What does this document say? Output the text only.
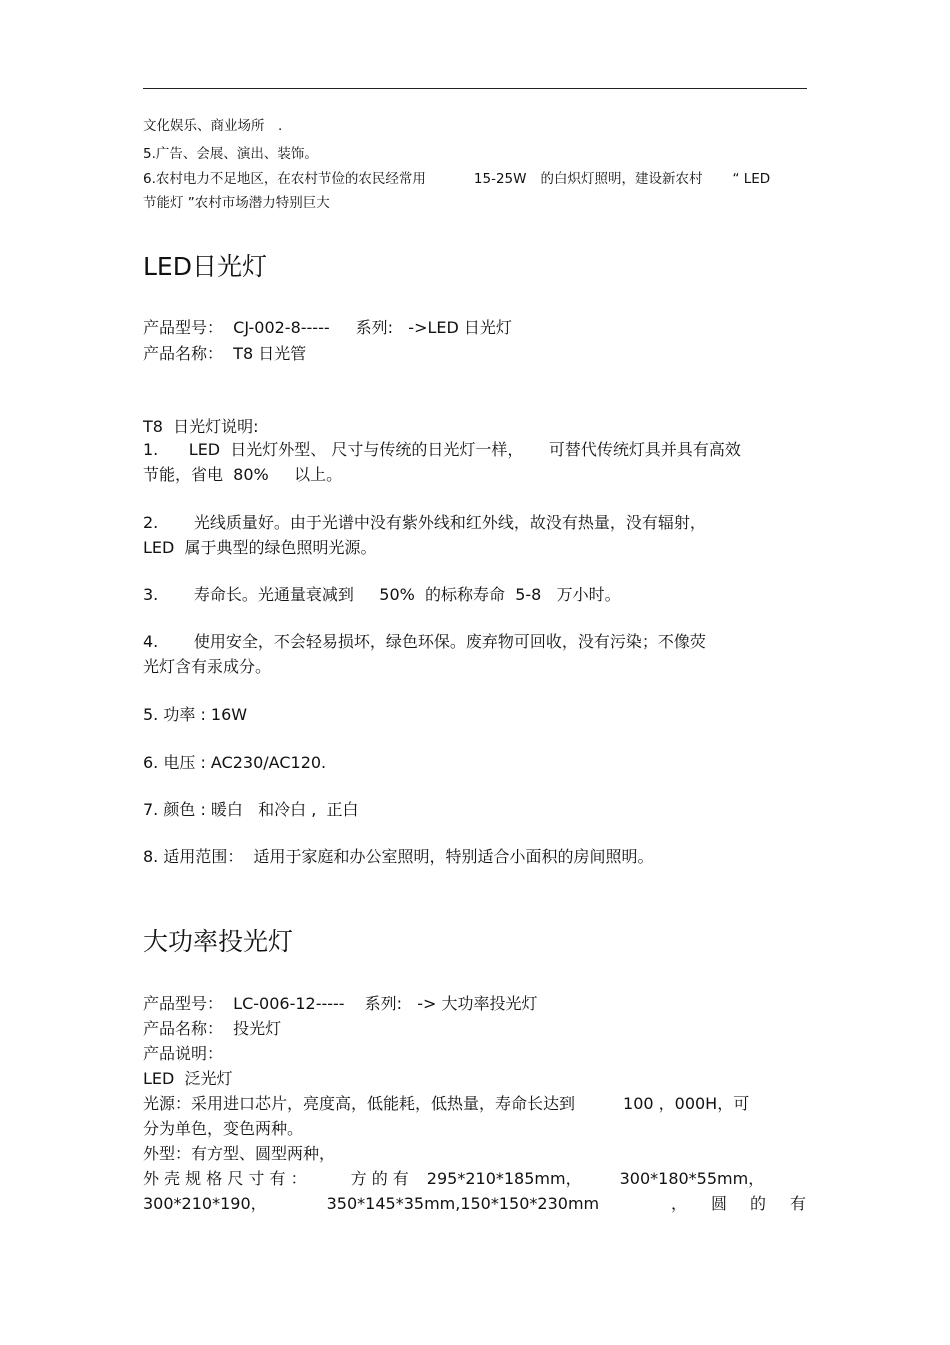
文化娱乐、商业场所　.
5.广告、会展、演出、装饰。
6.农村电力不足地区，在农村节俭的农民经常用	15-25W 的白炽灯照明，建设新农村 “ LED
节能灯 ”农村市场潜力特别巨大
LED日光灯
产品型号：  CJ-002-8----- 系列:   ->LED 日光灯
产品名称：  T8 日光管
T8  日光灯说明:
1.      LED  日光灯外型、 尺寸与传统的日光灯一样，     可替代传统灯具并具有高效
节能，省电  80%     以上。
2.       光线质量好。由于光谱中没有紫外线和红外线，故没有热量，没有辐射，
LED  属于典型的绿色照明光源。
3.       寿命长。光通量衰减到     50%  的标称寿命  5-8   万小时。
4.       使用安全，不会轻易损坏，绿色环保。废弃物可回收，没有污染；不像荧
光灯含有汞成分。
5. 功率 : 16W
6. 电压 : AC230/AC120.
7. 颜色 : 暖白   和冷白 ,  正白
8. 适用范围：  适用于家庭和办公室照明，特别适合小面积的房间照明。
大功率投光灯
产品型号：  LC-006-12----- 系列:   -> 大功率投光灯
产品名称：  投光灯
产品说明：
LED  泛光灯
光源：采用进口芯片，亮度高，低能耗，低热量，寿命长达到	100 ，000H，可
分为单色，变色两种。
外型：有方型、圆型两种，
外 壳 规 格 尺 寸 有 ：	方 的 有 295*210*185mm， 300*180*55mm，
300*210*190，	350*145*35mm,150*150*230mm	， 圆 的 有
